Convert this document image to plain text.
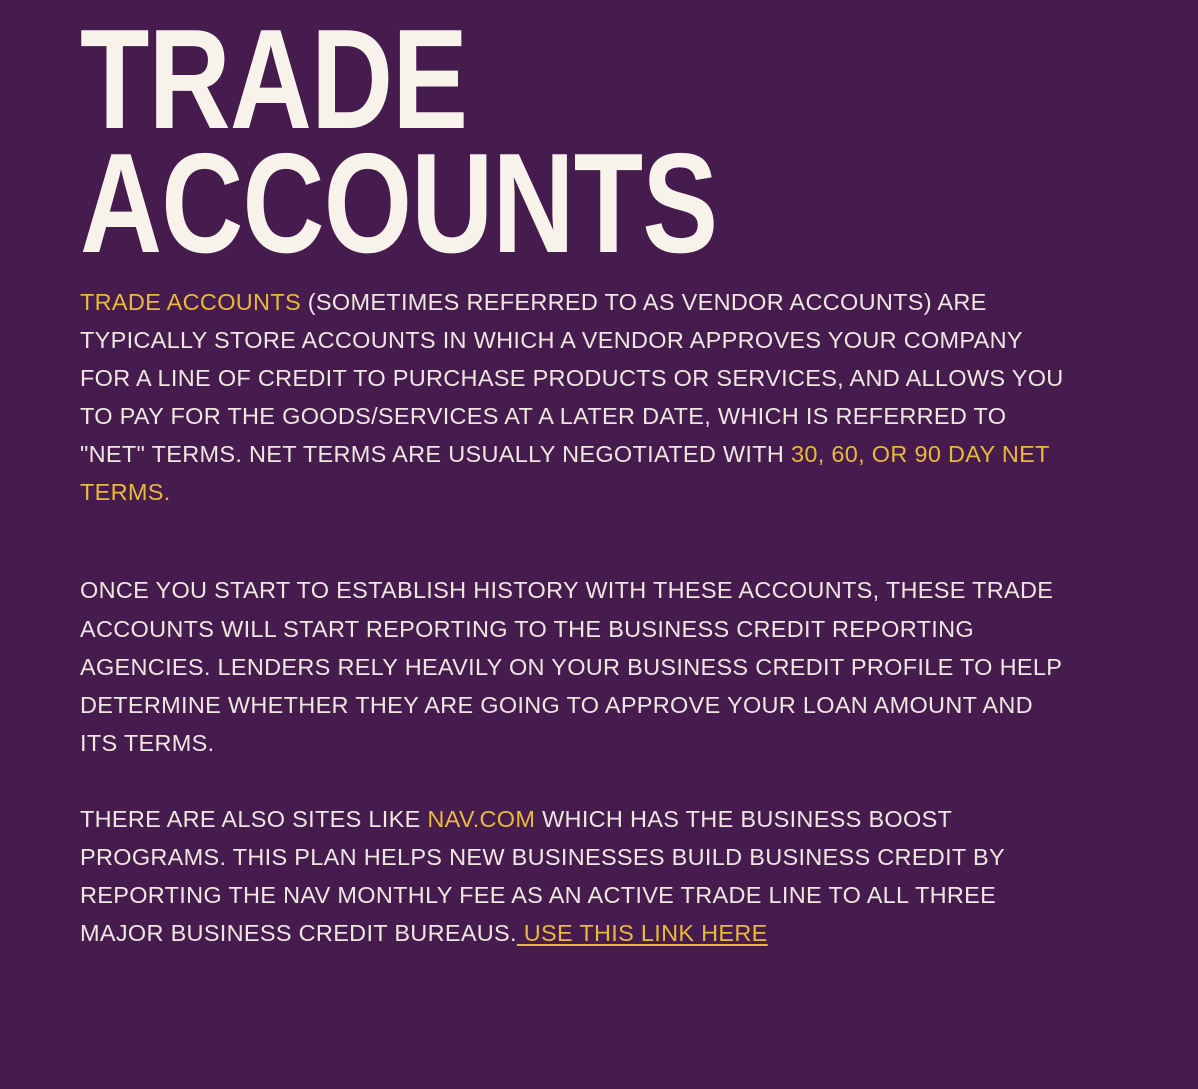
TRADE
ACCOUNTS

TRADE ACCOUNTS (SOMETIMES REFERRED TO AS VENDOR ACCOUNTS) ARE TYPICALLY STORE ACCOUNTS IN WHICH A VENDOR APPROVES YOUR COMPANY FOR A LINE OF CREDIT TO PURCHASE PRODUCTS OR SERVICES, AND ALLOWS YOU TO PAY FOR THE GOODS/SERVICES AT A LATER DATE, WHICH IS REFERRED TO "NET" TERMS. NET TERMS ARE USUALLY NEGOTIATED WITH 30, 60, OR 90 DAY NET TERMS.

ONCE YOU START TO ESTABLISH HISTORY WITH THESE ACCOUNTS, THESE TRADE ACCOUNTS WILL START REPORTING TO THE BUSINESS CREDIT REPORTING AGENCIES. LENDERS RELY HEAVILY ON YOUR BUSINESS CREDIT PROFILE TO HELP DETERMINE WHETHER THEY ARE GOING TO APPROVE YOUR LOAN AMOUNT AND ITS TERMS.

THERE ARE ALSO SITES LIKE NAV.COM WHICH HAS THE BUSINESS BOOST PROGRAMS. THIS PLAN HELPS NEW BUSINESSES BUILD BUSINESS CREDIT BY REPORTING THE NAV MONTHLY FEE AS AN ACTIVE TRADE LINE TO ALL THREE MAJOR BUSINESS CREDIT BUREAUS. USE THIS LINK HERE
